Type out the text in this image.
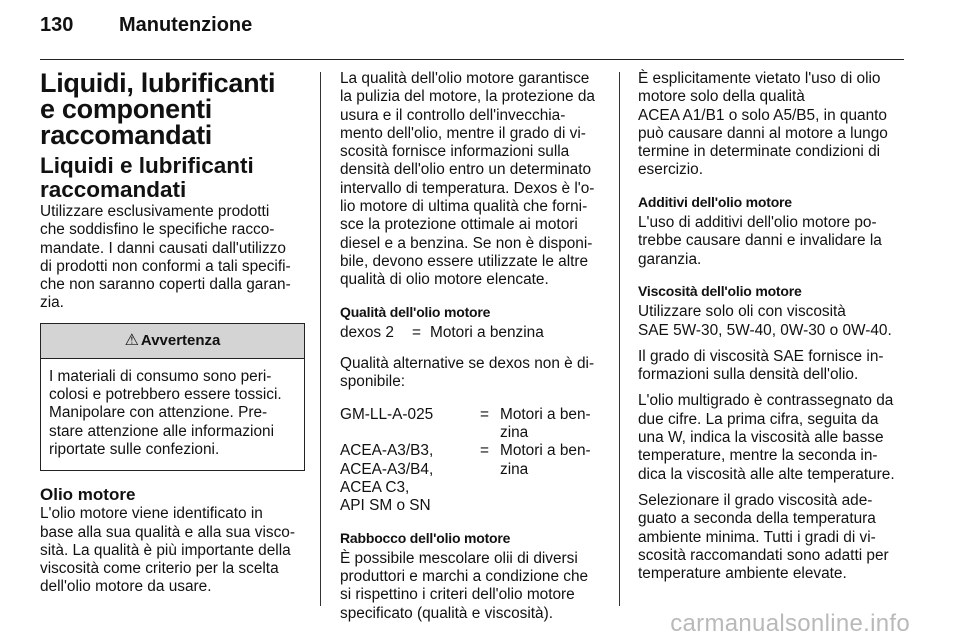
130 Manutenzione
Liquidi, lubrificanti
e componenti
raccomandati
Liquidi e lubrificanti
raccomandati

Utilizzare esclusivamente prodotti
che soddisfino le specifiche racco-
mandate. I danni causati dall'utilizzo
di prodotti non conformi a tali specifi-
che non saranno coperti dalla garan-
zia.

⚠ Avvertenza
I materiali di consumo sono peri-
colosi e potrebbero essere tossici.
Manipolare con attenzione. Pre-
stare attenzione alle informazioni
riportate sulle confezioni.
Olio motore

L'olio motore viene identificato in
base alla sua qualità e alla sua visco-
sità. La qualità è più importante della
viscosità come criterio per la scelta
dell'olio motore da usare.

La qualità dell'olio motore garantisce
la pulizia del motore, la protezione da
usura e il controllo dell'invecchia-
mento dell'olio, mentre il grado di vi-
scosità fornisce informazioni sulla
densità dell'olio entro un determinato
intervallo di temperatura. Dexos è l'o-
lio motore di ultima qualità che forni-
sce la protezione ottimale ai motori
diesel e a benzina. Se non è disponi-
bile, devono essere utilizzate le altre
qualità di olio motore elencate.

Qualità dell'olio motore
dexos 2	= Motori a benzina

Qualità alternative se dexos non è di-
sponibile:

GM-LL-A-025	= Motori a ben-
zina
ACEA-A3/B3,
ACEA-A3/B4,
ACEA C3,
API SM o SN
= Motori a ben-
zina
Rabbocco dell'olio motore

È possibile mescolare olii di diversi
produttori e marchi a condizione che
si rispettino i criteri dell'olio motore
specificato (qualità e viscosità).

È esplicitamente vietato l'uso di olio
motore solo della qualità
ACEA A1/B1 o solo A5/B5, in quanto
può causare danni al motore a lungo
termine in determinate condizioni di
esercizio.

Additivi dell'olio motore

L'uso di additivi dell'olio motore po-
trebbe causare danni e invalidare la
garanzia.

Viscosità dell'olio motore

Utilizzare solo oli con viscosità
SAE 5W-30, 5W-40, 0W-30 o 0W-40.

Il grado di viscosità SAE fornisce in-
formazioni sulla densità dell'olio.

L'olio multigrado è contrassegnato da
due cifre. La prima cifra, seguita da
una W, indica la viscosità alle basse
temperature, mentre la seconda in-
dica la viscosità alle alte temperature.

Selezionare il grado viscosità ade-
guato a seconda della temperatura
ambiente minima. Tutti i gradi di vi-
scosità raccomandati sono adatti per
temperature ambiente elevate.

carmanualsonline.info
